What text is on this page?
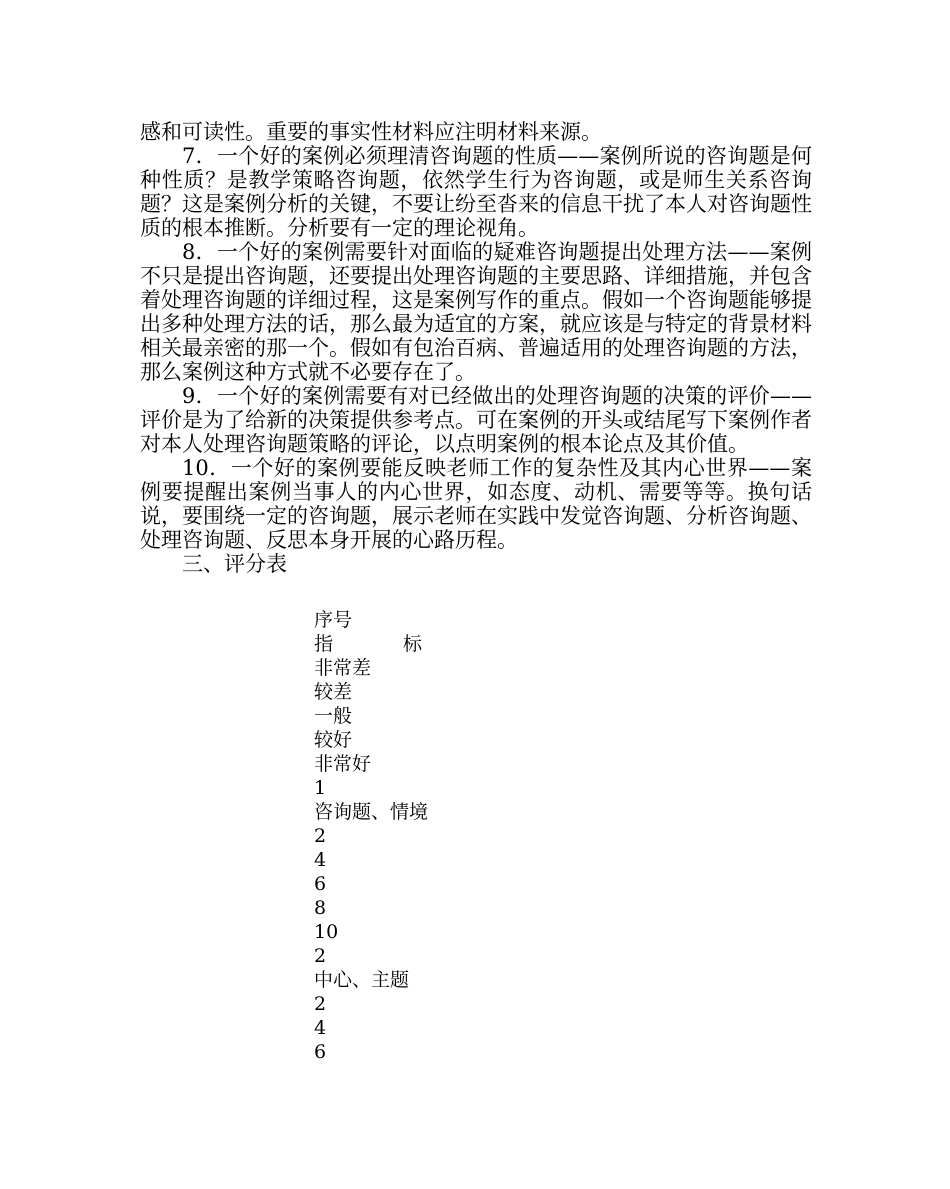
感和可读性。重要的事实性材料应注明材料来源。

7．一个好的案例必须理清咨询题的性质——案例所说的咨询题是何种性质？是教学策略咨询题，依然学生行为咨询题，或是师生关系咨询题？这是案例分析的关键，不要让纷至沓来的信息干扰了本人对咨询题性质的根本推断。分析要有一定的理论视角。

8．一个好的案例需要针对面临的疑难咨询题提出处理方法——案例不只是提出咨询题，还要提出处理咨询题的主要思路、详细措施，并包含着处理咨询题的详细过程，这是案例写作的重点。假如一个咨询题能够提出多种处理方法的话，那么最为适宜的方案，就应该是与特定的背景材料相关最亲密的那一个。假如有包治百病、普遍适用的处理咨询题的方法，那么案例这种方式就不必要存在了。

9．一个好的案例需要有对已经做出的处理咨询题的决策的评价——评价是为了给新的决策提供参考点。可在案例的开头或结尾写下案例作者对本人处理咨询题策略的评论，以点明案例的根本论点及其价值。

10．一个好的案例要能反映老师工作的复杂性及其内心世界——案例要提醒出案例当事人的内心世界，如态度、动机、需要等等。换句话说，要围绕一定的咨询题，展示老师在实践中发觉咨询题、分析咨询题、处理咨询题、反思本身开展的心路历程。

三、评分表

序号
指	标
非常差
较差
一般
较好
非常好
1
咨询题、情境
2
4
6
8
10
2
中心、主题
2
4
6
